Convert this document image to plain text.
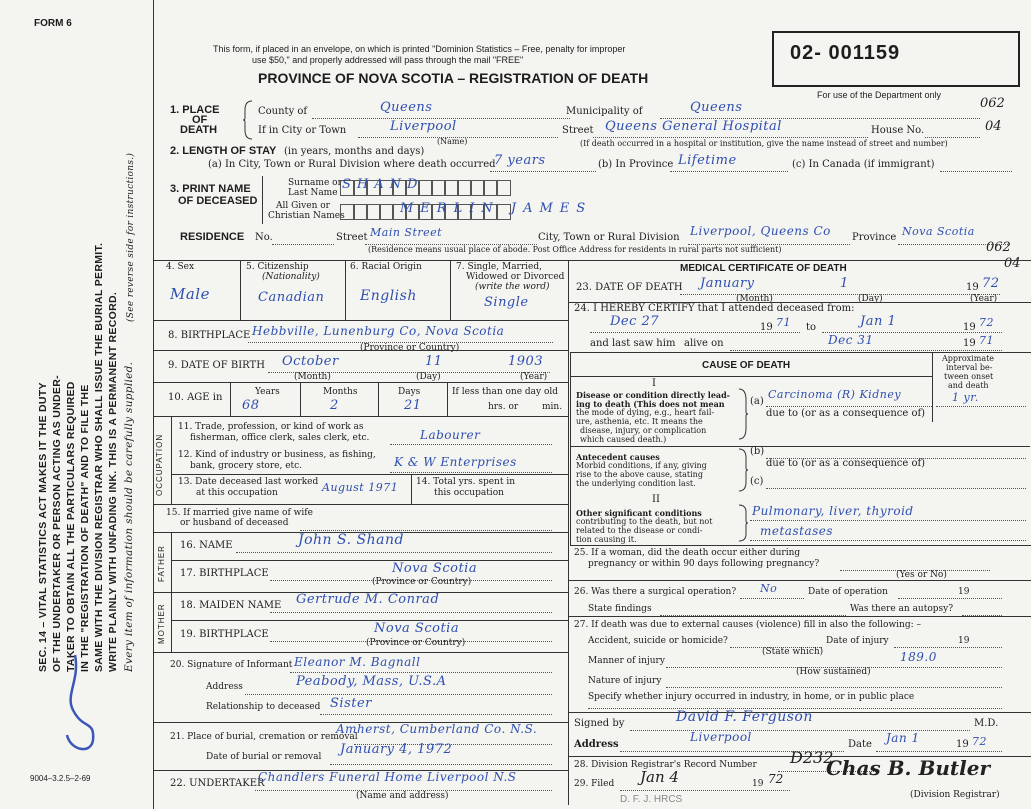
FORM 6
SEC. 14 – VITAL STATISTICS ACT MAKES IT THE DUTY OF THE UNDERTAKER OR PERSON ACTING AS UNDER- TAKER TO OBTAIN ALL THE PARTICULARS REQUIRED IN THE "REGISTRATION OF DEATH" AND TO FILE THE SAME WITH THE DIVISION REGISTRAR WHO SHALL ISSUE THE BURIAL PERMIT. WRITE PLAINLY WITH UNFADING INK. THIS IS A PERMANENT RECORD. Every item of information should be carefully supplied.
(See reverse side for instructions.)
9004–3.2.5–2-69
This form, if placed in an envelope, on which is printed "Dominion Statistics – Free, penalty for improper
use $50," and properly addressed will pass through the mail "FREE"
PROVINCE OF NOVA SCOTIA – REGISTRATION OF DEATH
02- 001159
For use of the Department only
1. PLACE
OF
DEATH
County of	Queens	Municipality of	Queens	062
If in City or Town	Liverpool
(Name)
Street Queens General Hospital	House No.	04
(If death occurred in a hospital or institution, give the name instead of street and number)
2. LENGTH OF STAY (in years, months and days)
(a) In City, Town or Rural Division where death occurred
7 years	(b) In Province Lifetime	(c) In Canada (if immigrant)
3. PRINT NAME
OF DECEASED
Surname or
Last Name
All Given or
Christian Names
SHAND
MERLIN JAMES
RESIDENCE No.	Street Main Street	City, Town or Rural Division Liverpool, Queens Co Province Nova Scotia
(Residence means usual place of abode. Post Office Address for residents in rural parts not sufficient)	062
04
4. Sex
Male
5. Citizenship
(Nationality)
Canadian
6. Racial Origin
English
7. Single, Married,
Widowed or Divorced
(write the word)
Single
8. BIRTHPLACE Hebbville, Lunenburg Co, Nova Scotia
(Province or Country)
9. DATE OF BIRTH October	11	1903
(Month)	(Day)	(Year)
10. AGE in	Years	Months	Days
68	2	21
If less than one day old
hrs. or	min.
OCCUPATION
11. Trade, profession, or kind of work as
fisherman, office clerk, sales clerk, etc.	Labourer
12. Kind of industry or business, as fishing,
bank, grocery store, etc.	K & W Enterprises
13. Date deceased last worked
at this occupation	August 1971 14. Total yrs. spent in
this occupation
15. If married give name of wife
or husband of deceased
FATHER 16. NAME	John S. Shand
17. BIRTHPLACE	Nova Scotia
(Province or Country)
MOTHER 18. MAIDEN NAME Gertrude M. Conrad
19. BIRTHPLACE	Nova Scotia
(Province or Country)
20. Signature of Informant Eleanor M. Bagnall
Address	Peabody, Mass, U.S.A
Relationship to deceased Sister
21. Place of burial, cremation or removal
Amherst, Cumberland Co. N.S.
Date of burial or removal January 4, 1972
22. UNDERTAKER
Chandlers Funeral Home Liverpool N.S
(Name and address)
MEDICAL CERTIFICATE OF DEATH
23. DATE OF DEATH January	1	19 72
(Month)	(Day)	(Year)
24. I HEREBY CERTIFY that I attended deceased from:
Dec 27	19 71 to	Jan 1	19 72
and last saw him alive on	Dec 31	19 71
CAUSE OF DEATH
Approximate
interval be-
tween onset
and death
I
Disease or condition directly lead-
ing to death (This does not mean
the mode of dying, e.g., heart fail-
ure, asthenia, etc. It means the
disease, injury, or complication
which caused death.)
(a)
Carcinoma (R) Kidney	1 yr.
due to (or as a consequence of)
Antecedent causes
Morbid conditions, if any, giving
rise to the above cause, stating
the underlying condition last.
(b)
due to (or as a consequence of)
(c)
II
Other significant conditions
contributing to the death, but not
related to the disease or condi-
tion causing it.
Pulmonary, liver, thyroid
metastases
25. If a woman, did the death occur either during
pregnancy or within 90 days following pregnancy?
(Yes or No)
26. Was there a surgical operation? No	Date of operation	19
State findings	Was there an autopsy?
27. If death was due to external causes (violence) fill in also the following: –
Accident, suicide or homicide?	Date of injury	19
(State which)
Manner of injury	189.0
(How sustained)
Nature of injury
Specify whether injury occurred in industry, in home, or in public place
Signed by	David F. Ferguson	M.D.
Address
Liverpool
Date Jan 1	19 72
28. Division Registrar's Record Number D232
29. Filed Jan 4	19 72 Chas B. Butler
(Division Registrar)
D. F. J. HRCS
